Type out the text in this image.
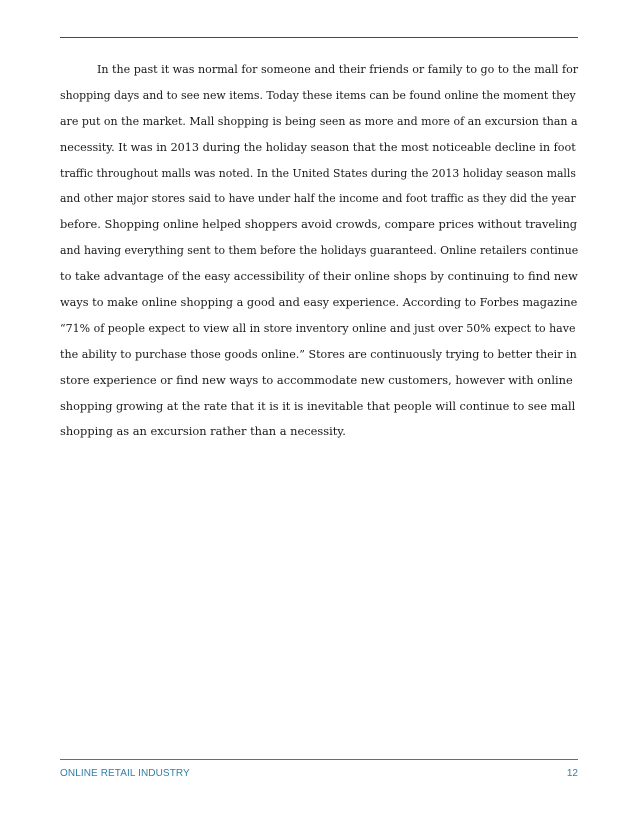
In the past it was normal for someone and their friends or family to go to the mall for
shopping days and to see new items. Today these items can be found online the moment they
are put on the market. Mall shopping is being seen as more and more of an excursion than a
necessity. It was in 2013 during the holiday season that the most noticeable decline in foot
traffic throughout malls was noted. In the United States during the 2013 holiday season malls
and other major stores said to have under half the income and foot traffic as they did the year
before. Shopping online helped shoppers avoid crowds, compare prices without traveling
and having everything sent to them before the holidays guaranteed. Online retailers continue
to take advantage of the easy accessibility of their online shops by continuing to find new
ways to make online shopping a good and easy experience. According to Forbes magazine
“71% of people expect to view all in store inventory online and just over 50% expect to have
the ability to purchase those goods online.” Stores are continuously trying to better their in
store experience or find new ways to accommodate new customers, however with online
shopping growing at the rate that it is it is inevitable that people will continue to see mall
shopping as an excursion rather than a necessity.
ONLINE RETAIL INDUSTRY	12
